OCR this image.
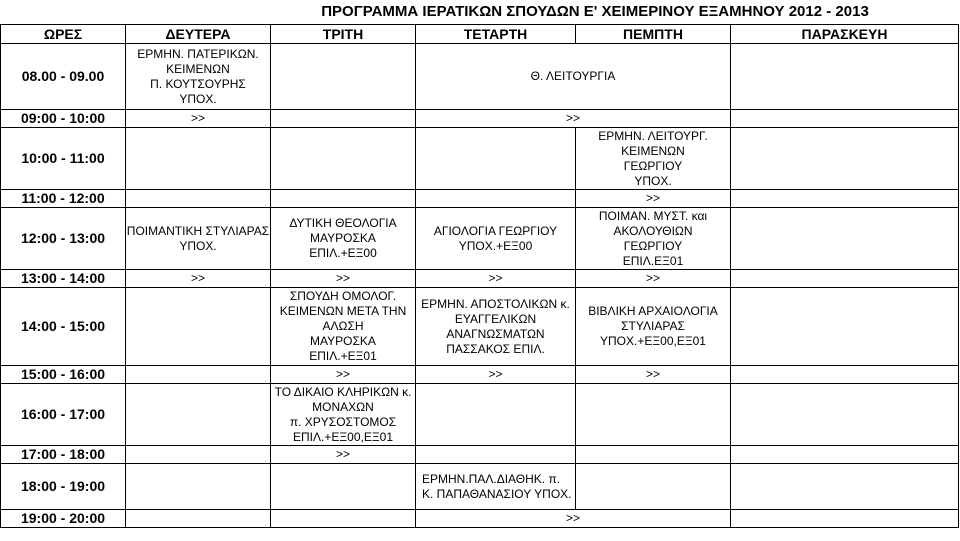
ΠΡΟΓΡΑΜΜΑ ΙΕΡΑΤΙΚΩΝ ΣΠΟΥΔΩΝ Ε' ΧΕΙΜΕΡΙΝΟΥ ΕΞΑΜΗΝΟΥ 2012 - 2013
ΩΡΕΣ	ΔΕΥΤΕΡΑ	ΤΡΙΤΗ	ΤΕΤΑΡΤΗ	ΠΕΜΠΤΗ	ΠΑΡΑΣΚΕΥΗ
08.00 - 09.00	ΕΡΜΗΝ. ΠΑΤΕΡΙΚΩΝ.
ΚΕΙΜΕΝΩΝ
Π. ΚΟΥΤΣΟΥΡΗΣ
ΥΠΟΧ.		Θ. ΛΕΙΤΟΥΡΓΙΑ		
09:00 - 10:00	>>		>>		
10:00 - 11:00				ΕΡΜΗΝ. ΛΕΙΤΟΥΡΓ.
ΚΕΙΜΕΝΩΝ
ΓΕΩΡΓΙΟΥ
ΥΠΟΧ.	
11:00 - 12:00				>>	
12:00 - 13:00	ΠΟΙΜΑΝΤΙΚΗ ΣΤΥΛΙΑΡΑΣ
ΥΠΟΧ.	ΔΥΤΙΚΗ ΘΕΟΛΟΓΙΑ
ΜΑΥΡΟΣΚΑ
ΕΠΙΛ.+ΕΞ00	ΑΓΙΟΛΟΓΙΑ ΓΕΩΡΓΙΟΥ
ΥΠΟΧ.+ΕΞ00	ΠΟΙΜΑΝ. ΜΥΣΤ. και
ΑΚΟΛΟΥΘΙΩΝ
ΓΕΩΡΓΙΟΥ
ΕΠΙΛ.ΕΞ01	
13:00 - 14:00	>>	>>	>>	>>	
14:00 - 15:00		ΣΠΟΥΔΗ ΟΜΟΛΟΓ.
ΚΕΙΜΕΝΩΝ ΜΕΤΑ ΤΗΝ
ΑΛΩΣΗ
ΜΑΥΡΟΣΚΑ
ΕΠΙΛ.+ΕΞ01	ΕΡΜΗΝ. ΑΠΟΣΤΟΛΙΚΩΝ κ.
ΕΥΑΓΓΕΛΙΚΩΝ
ΑΝΑΓΝΩΣΜΑΤΩΝ
ΠΑΣΣΑΚΟΣ ΕΠΙΛ.	ΒΙΒΛΙΚΗ ΑΡΧΑΙΟΛΟΓΙΑ
ΣΤΥΛΙΑΡΑΣ
ΥΠΟΧ.+ΕΞ00,ΕΞ01	
15:00 - 16:00		>>	>>	>>	
16:00 - 17:00		ΤΟ ΔΙΚΑΙΟ ΚΛΗΡΙΚΩΝ κ.
ΜΟΝΑΧΩΝ
π. ΧΡΥΣΟΣΤΟΜΟΣ
ΕΠΙΛ.+ΕΞ00,ΕΞ01			
17:00 - 18:00		>>			
18:00 - 19:00			ΕΡΜΗΝ.ΠΑΛ.ΔΙΑΘΗΚ. π.
Κ. ΠΑΠΑΘΑΝΑΣΙΟΥ ΥΠΟΧ.		
19:00 - 20:00			>>		
